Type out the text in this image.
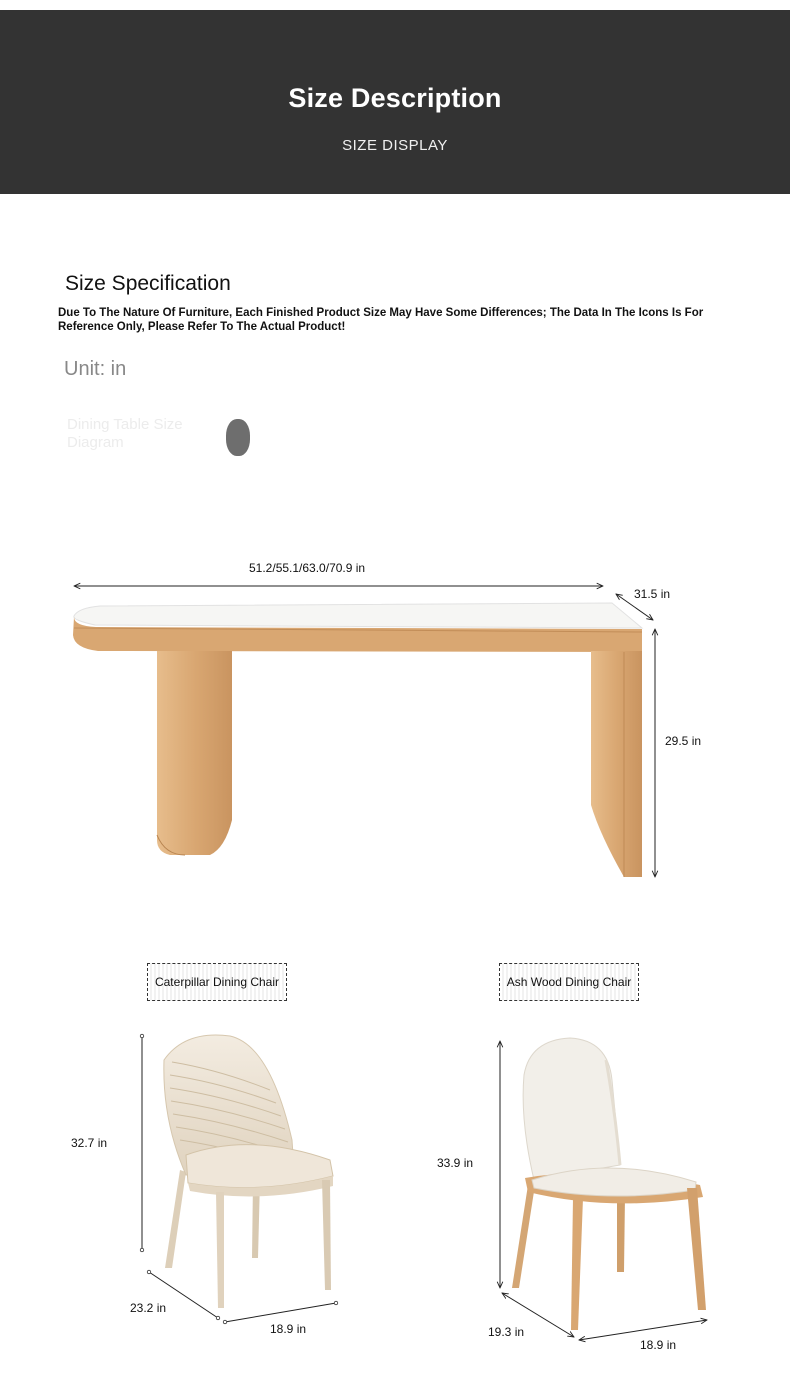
Size Description
SIZE DISPLAY
Size Specification
Due To The Nature Of Furniture, Each Finished Product Size May Have Some Differences; The Data In The Icons Is For Reference Only, Please Refer To The Actual Product!
Unit: in
Dining Table Size Diagram
51.2/55.1/63.0/70.9 in
31.5 in
29.5 in
Caterpillar Dining Chair	Ash Wood Dining Chair
32.7 in
23.2 in
18.9 in
33.9 in
19.3 in
18.9 in
